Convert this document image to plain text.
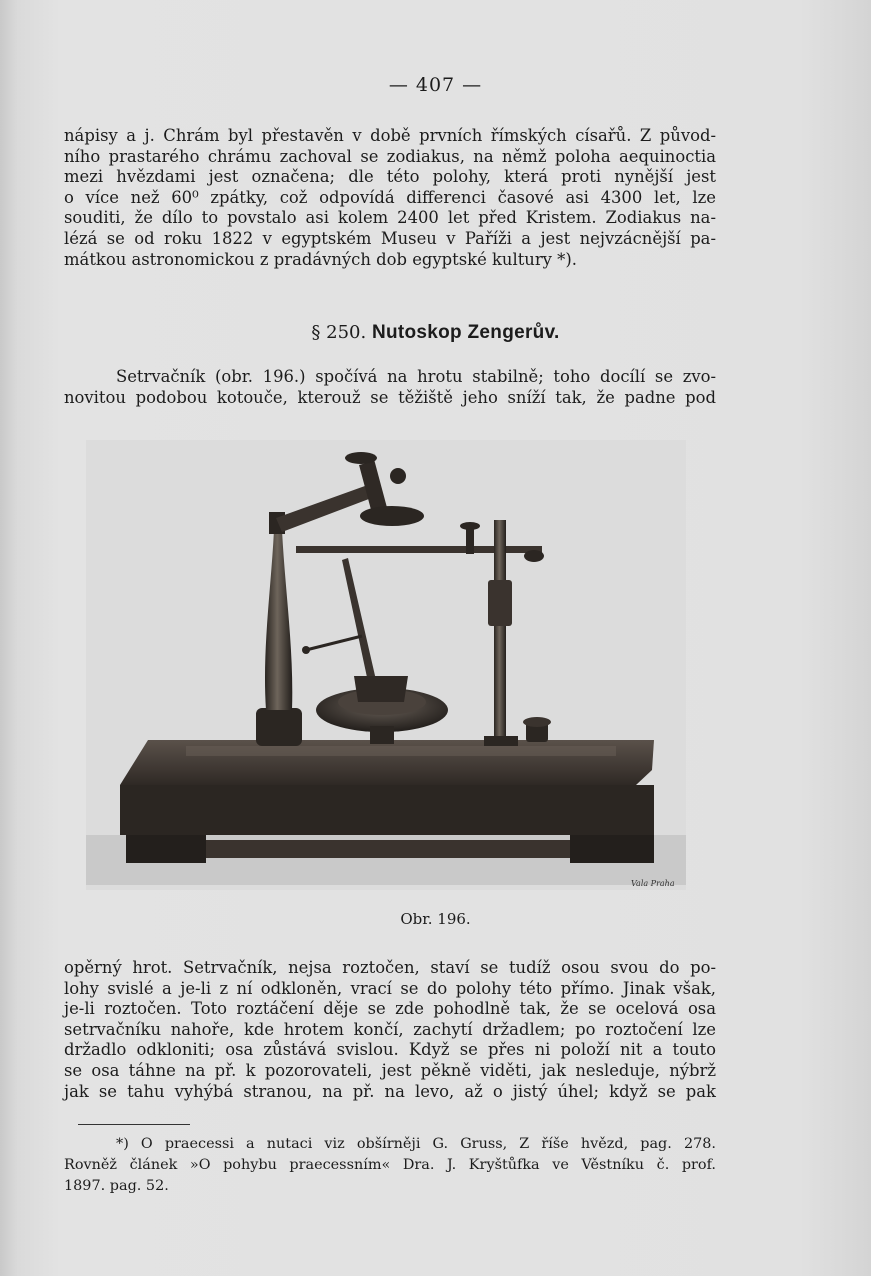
— 407 —
nápisy a j. Chrám byl přestavěn v době prvních římských císařů. Z původ-
ního prastarého chrámu zachoval se zodiakus, na němž poloha aequinoctia
mezi hvězdami jest označena; dle této polohy, která proti nynější jest
o více než 60⁰ zpátky, což odpovídá differenci časové asi 4300 let, lze
souditi, že dílo to povstalo asi kolem 2400 let před Kristem. Zodiakus na-
lézá se od roku 1822 v egyptském Museu v Paříži a jest nejvzácnější pa-
mátkou astronomickou z pradávných dob egyptské kultury *).
§ 250. Nutoskop Zengerův.
Setrvačník (obr. 196.) spočívá na hrotu stabilně; toho docílí se zvo-
novitou podobou kotouče, kterouž se těžiště jeho sníží tak, že padne pod
Vala Praha
Obr. 196.
opěrný hrot. Setrvačník, nejsa roztočen, staví se tudíž osou svou do po-
lohy svislé a je-li z ní odkloněn, vrací se do polohy této přímo. Jinak však,
je-li roztočen. Toto roztáčení děje se zde pohodlně tak, že se ocelová osa
setrvačníku nahoře, kde hrotem končí, zachytí držadlem; po roztočení lze
držadlo odkloniti; osa zůstává svislou. Když se přes ni položí nit a touto
se osa táhne na př. k pozorovateli, jest pěkně viděti, jak nesleduje, nýbrž
jak se tahu vyhýbá stranou, na př. na levo, až o jistý úhel; když se pak
*) O praecessi a nutaci viz obšírněji G. Gruss, Z říše hvězd, pag. 278.
Rovněž článek »O pohybu praecessním« Dra. J. Kryštůfka ve Věstníku č. prof.
1897. pag. 52.
